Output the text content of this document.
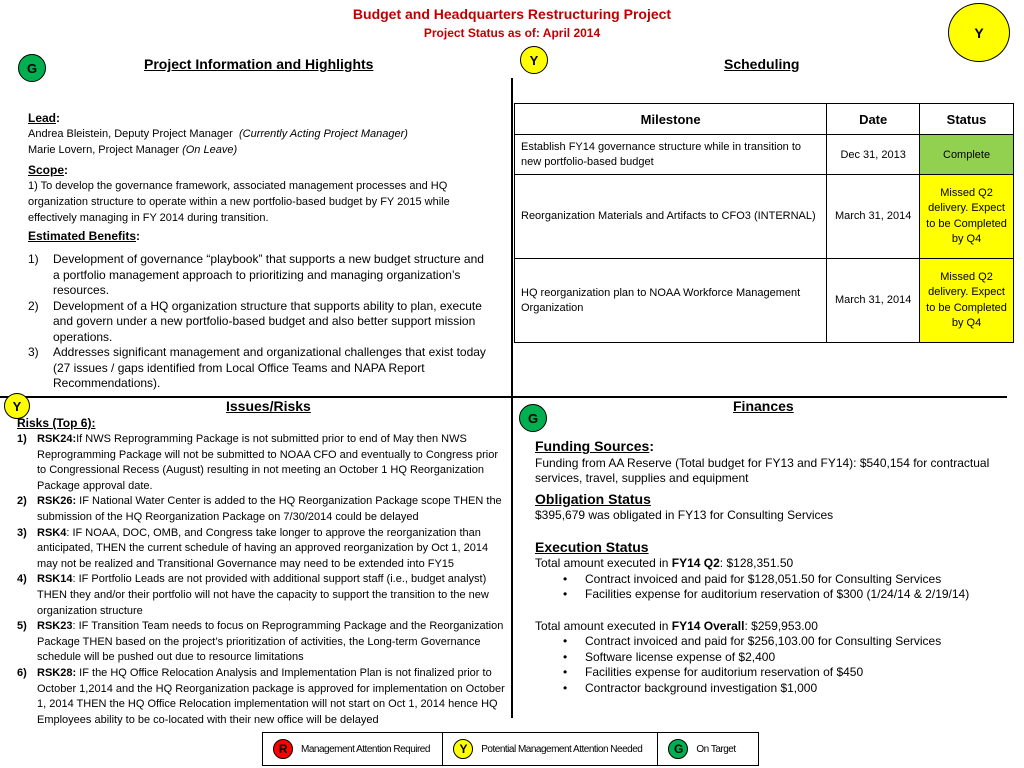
Budget and Headquarters Restructuring Project
Project Status as of: April 2014	Y
G	Project Information and Highlights	Y	Scheduling
Lead:
Andrea Bleistein, Deputy Project Manager (Currently Acting Project Manager)
Marie Lovern, Project Manager (On Leave)
Scope:
1) To develop the governance framework, associated management processes and HQ organization structure to operate within a new portfolio-based budget by FY 2015 while effectively managing in FY 2014 during transition.
Estimated Benefits:
1) Development of governance “playbook” that supports a new budget structure and a portfolio management approach to prioritizing and managing organization’s resources.
2) Development of a HQ organization structure that supports ability to plan, execute and govern under a new portfolio-based budget and also better support mission operations.
3) Addresses significant management and organizational challenges that exist today (27 issues / gaps identified from Local Office Teams and NAPA Report Recommendations).
Milestone	Date	Status
Establish FY14 governance structure while in transition to new portfolio-based budget	Dec 31, 2013	Complete
Reorganization Materials and Artifacts to CFO3 (INTERNAL)	March 31, 2014	Missed Q2 delivery. Expect to be Completed by Q4
HQ reorganization plan to NOAA Workforce Management Organization	March 31, 2014	Missed Q2 delivery. Expect to be Completed by Q4
Y	Issues/Risks
Risks (Top 6):
1) RSK24:If NWS Reprogramming Package is not submitted prior to end of May then NWS Reprogramming Package will not be submitted to NOAA CFO and eventually to Congress prior to Congressional Recess (August) resulting in not meeting an October 1 HQ Reorganization Package approval date.
2) RSK26: IF National Water Center is added to the HQ Reorganization Package scope THEN the submission of the HQ Reorganization Package on 7/30/2014 could be delayed
3) RSK4: IF NOAA, DOC, OMB, and Congress take longer to approve the reorganization than anticipated, THEN the current schedule of having an approved reorganization by Oct 1, 2014 may not be realized and Transitional Governance may need to be extended into FY15
4) RSK14: IF Portfolio Leads are not provided with additional support staff (i.e., budget analyst) THEN they and/or their portfolio will not have the capacity to support the transition to the new organization structure
5) RSK23: IF Transition Team needs to focus on Reprogramming Package and the Reorganization Package THEN based on the project’s prioritization of activities, the Long-term Governance schedule will be pushed out due to resource limitations
6) RSK28: IF the HQ Office Relocation Analysis and Implementation Plan is not finalized prior to October 1,2014 and the HQ Reorganization package is approved for implementation on October 1, 2014 THEN the HQ Office Relocation implementation will not start on Oct 1, 2014 hence HQ Employees ability to be co-located with their new office will be delayed
G
Finances
Funding Sources:
Funding from AA Reserve (Total budget for FY13 and FY14): $540,154 for contractual services, travel, supplies and equipment
Obligation Status
$395,679 was obligated in FY13 for Consulting Services
Execution Status
Total amount executed in FY14 Q2: $128,351.50
• Contract invoiced and paid for $128,051.50 for Consulting Services
• Facilities expense for auditorium reservation of $300 (1/24/14 & 2/19/14)
Total amount executed in FY14 Overall: $259,953.00
• Contract invoiced and paid for $256,103.00 for Consulting Services
• Software license expense of $2,400
• Facilities expense for auditorium reservation of $450
• Contractor background investigation $1,000
R	Management Attention Required	Y	Potential Management Attention Needed	G	On Target
